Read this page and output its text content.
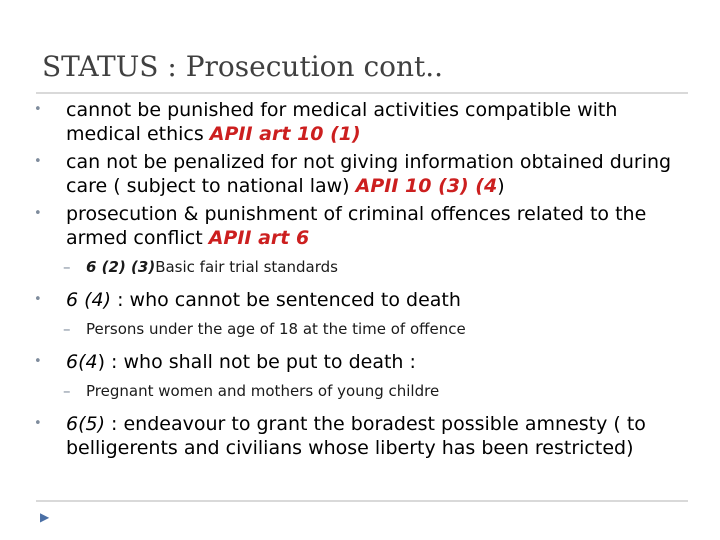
STATUS : Prosecution cont..
• cannot be punished for medical activities compatible with medical ethics APII art 10 (1)
• can not be penalized for not giving information obtained during care ( subject to national law) APII 10 (3) (4)
• prosecution & punishment of criminal offences related to the armed conflict APII art 6
– 6 (2) (3)Basic fair trial standards
• 6 (4) : who cannot be sentenced to death
– Persons under the age of 18 at the time of offence
• 6(4) : who shall not be put to death :
– Pregnant women and mothers of young childre
• 6(5) : endeavour to grant the boradest possible amnesty ( to belligerents and civilians whose liberty has been restricted)
▶
